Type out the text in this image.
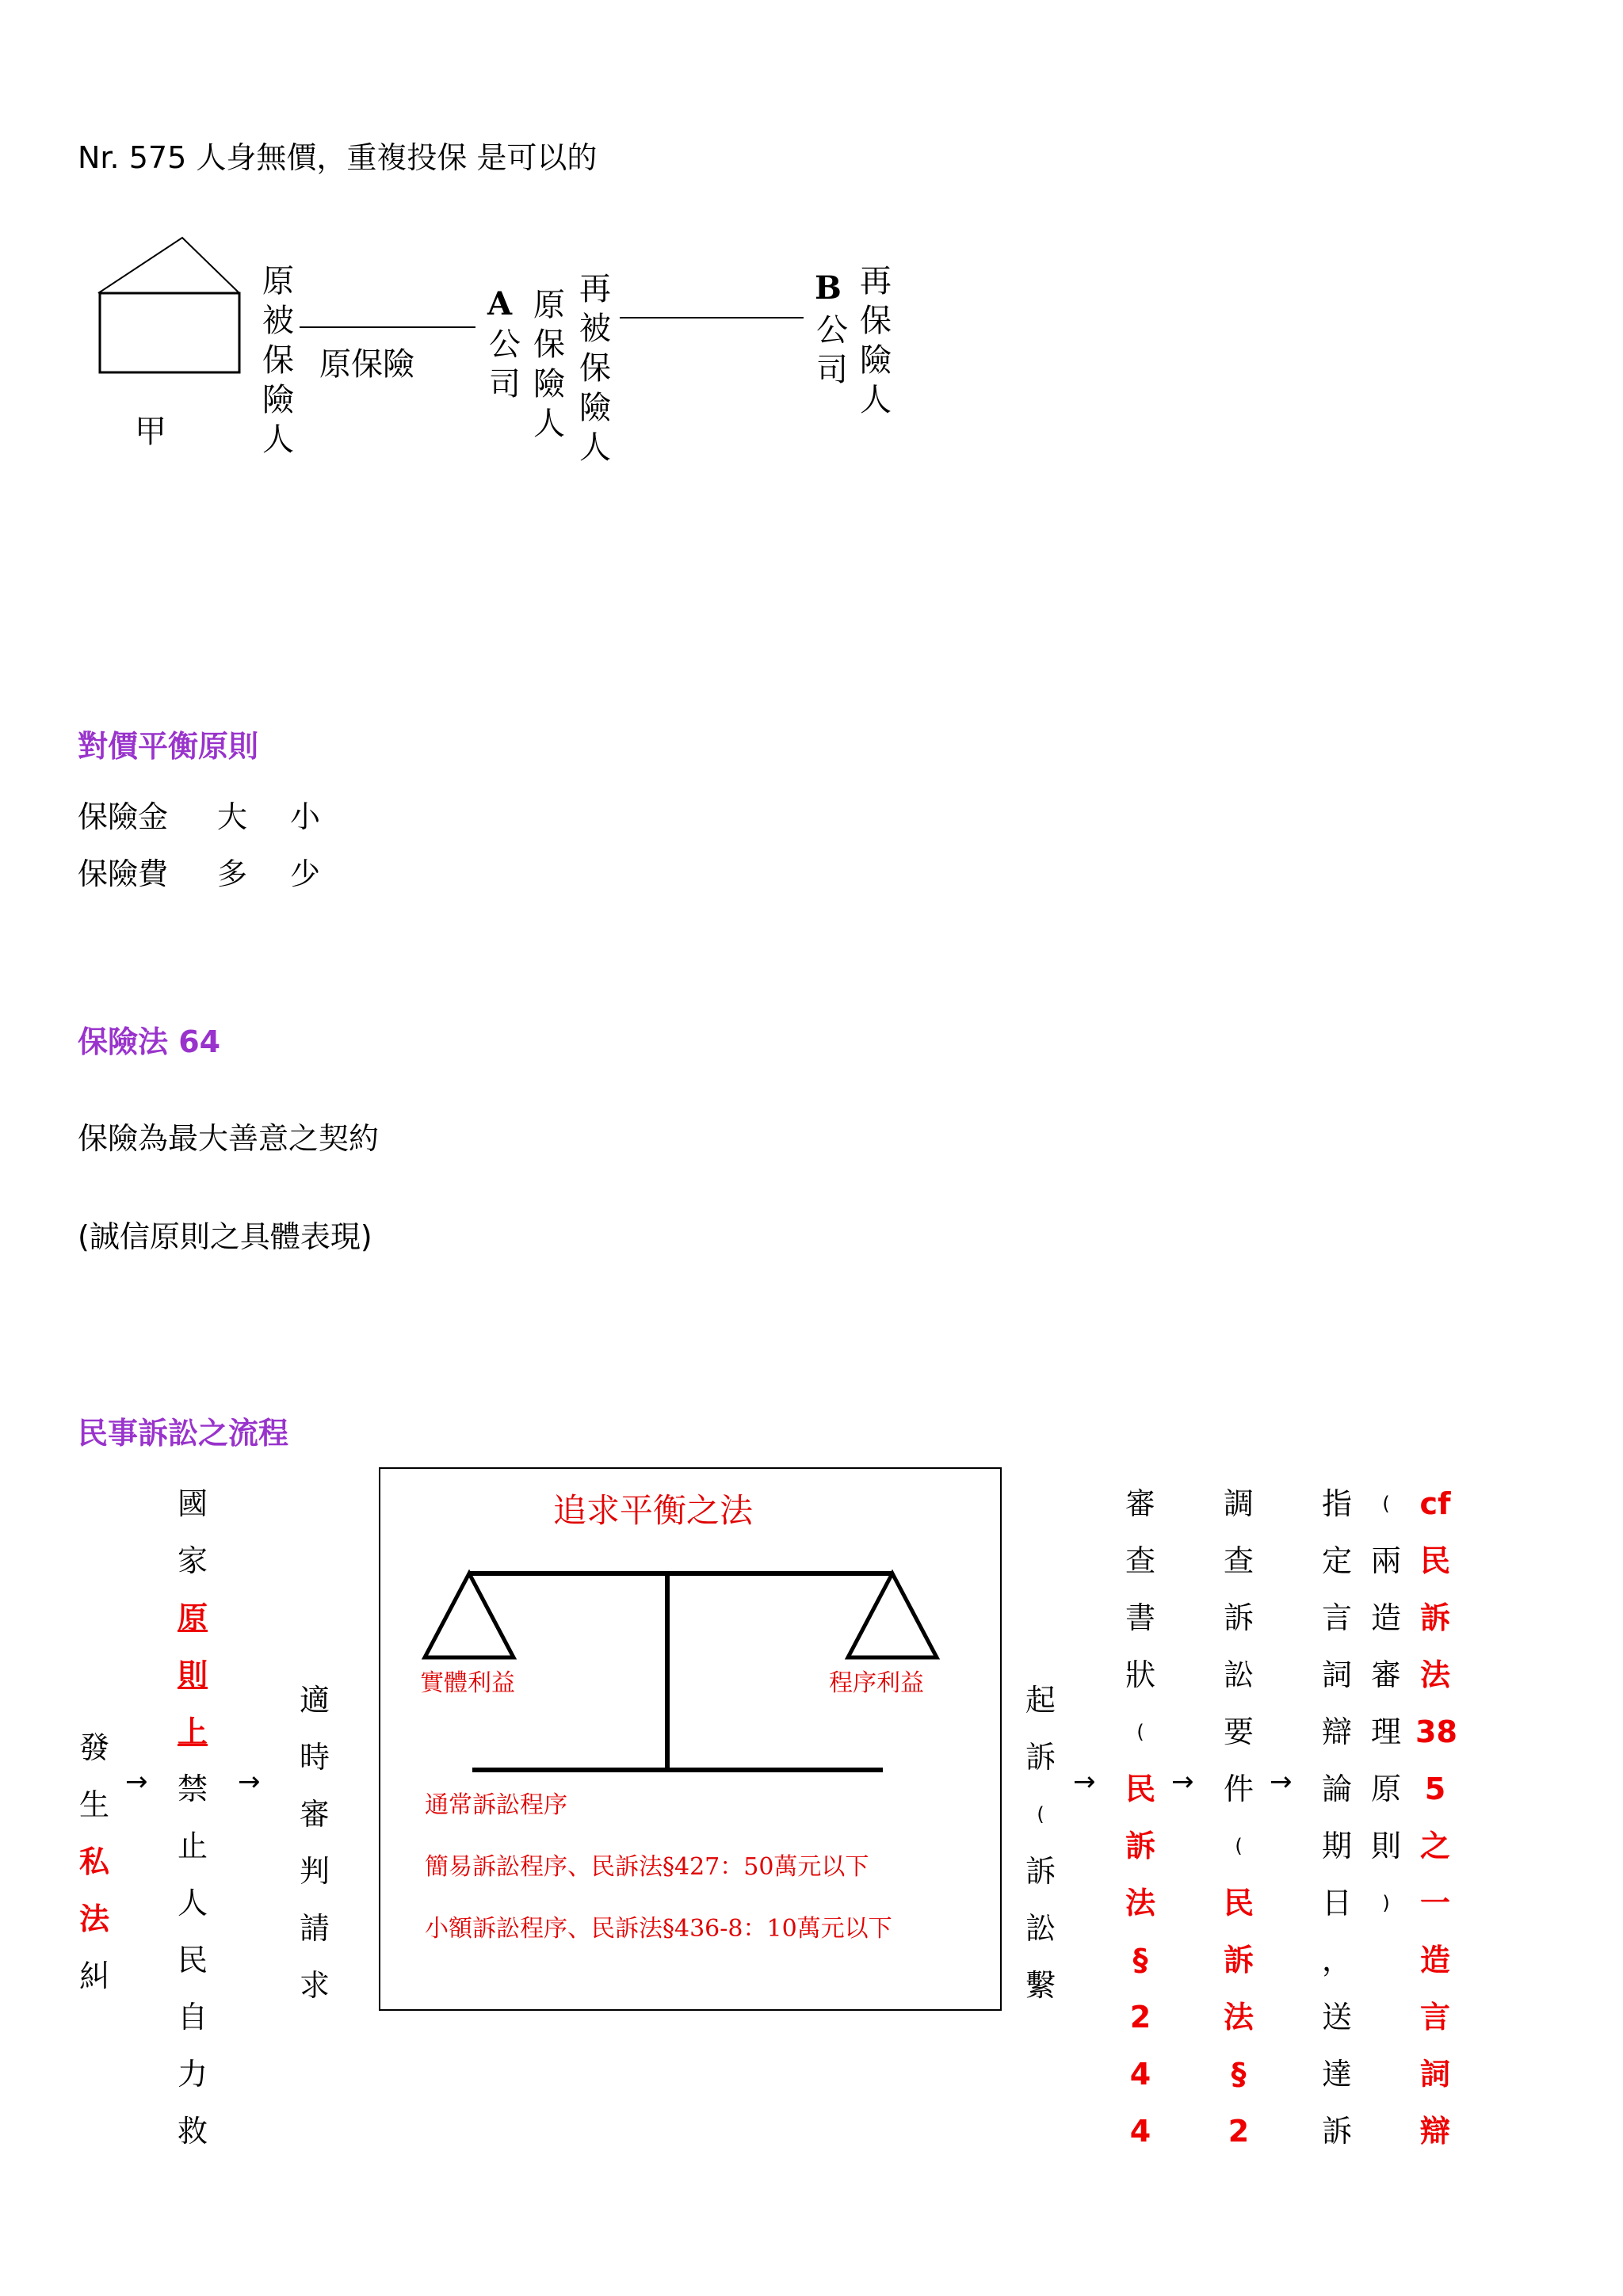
Nr. 575 人身無價，重複投保 是可以的
甲
原
被
保
險
人
原保險
A
公
司
原
保
險
人
再
被
保
險
人
B
公
司
再
保
險
人
對價平衡原則
保險金 大 小
保險費 多 少
保險法 64
保險為最大善意之契約
(誠信原則之具體表現)
民事訴訟之流程
發
生
私
法
糾
→
國
家
原
則
上
禁
止
人
民
自
力
救
→
適
時
審
判
請
求
追求平衡之法
實體利益	程序利益
通常訴訟程序
簡易訴訟程序、民訴法§427：50萬元以下
小額訴訟程序、民訴法§436-8：10萬元以下
起
訴
(
訴
訟
繫
→
審
查
書
狀
(
民
訴
法
§
2
4
4
→
調
查
訴
訟
要
件
(
民
訴
法
§
2
→
指
定
言
詞
辯
論
期
日
，
送
達
訴
(
兩
造
審
理
原
則
)
cf
民
訴
法
38
5
之
一
造
言
詞
辯
